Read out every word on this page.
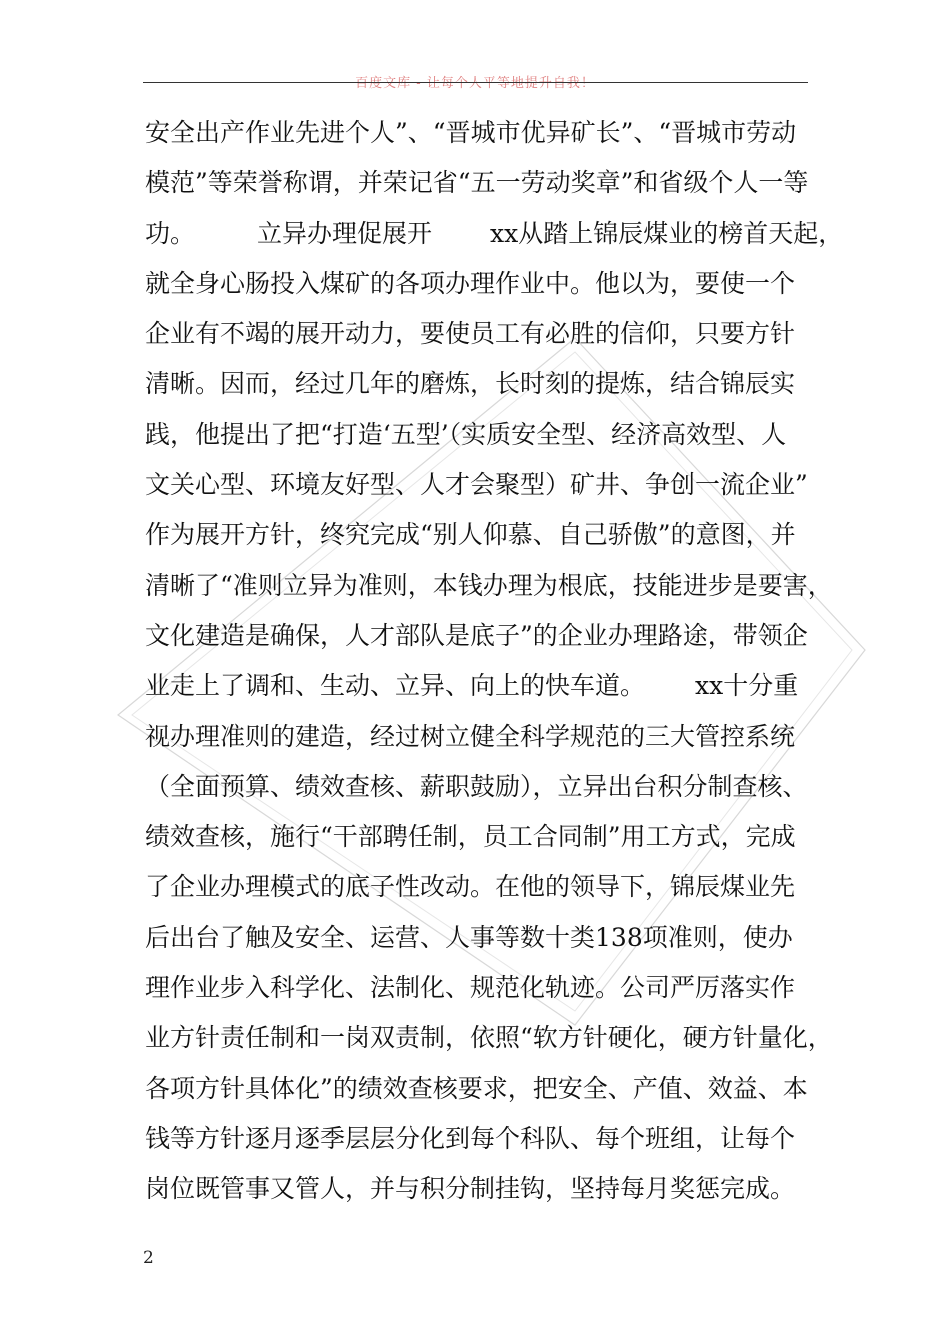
百度文库 - 让每个人平等地提升自我！
安全出产作业先进个人”、“晋城市优异矿长”、“晋城市劳动
模范”等荣誉称谓，并荣记省“五一劳动奖章”和省级个人一等
功。 立异办理促展开 xx从踏上锦辰煤业的榜首天起，
就全身心肠投入煤矿的各项办理作业中。他以为，要使一个
企业有不竭的展开动力，要使员工有必胜的信仰，只要方针
清晰。因而，经过几年的磨炼，长时刻的提炼，结合锦辰实
践，他提出了把“打造‘五型’（实质安全型、经济高效型、人
文关心型、环境友好型、人才会聚型）矿井、争创一流企业”
作为展开方针，终究完成“别人仰慕、自己骄傲”的意图，并
清晰了“准则立异为准则，本钱办理为根底，技能进步是要害，
文化建造是确保，人才部队是底子”的企业办理路途，带领企
业走上了调和、生动、立异、向上的快车道。 xx十分重
视办理准则的建造，经过树立健全科学规范的三大管控系统
（全面预算、绩效查核、薪职鼓励），立异出台积分制查核、
绩效查核，施行“干部聘任制，员工合同制”用工方式，完成
了企业办理模式的底子性改动。在他的领导下，锦辰煤业先
后出台了触及安全、运营、人事等数十类138项准则，使办
理作业步入科学化、法制化、规范化轨迹。公司严厉落实作
业方针责任制和一岗双责制，依照“软方针硬化，硬方针量化，
各项方针具体化”的绩效查核要求，把安全、产值、效益、本
钱等方针逐月逐季层层分化到每个科队、每个班组，让每个
岗位既管事又管人，并与积分制挂钩，坚持每月奖惩完成。
2
